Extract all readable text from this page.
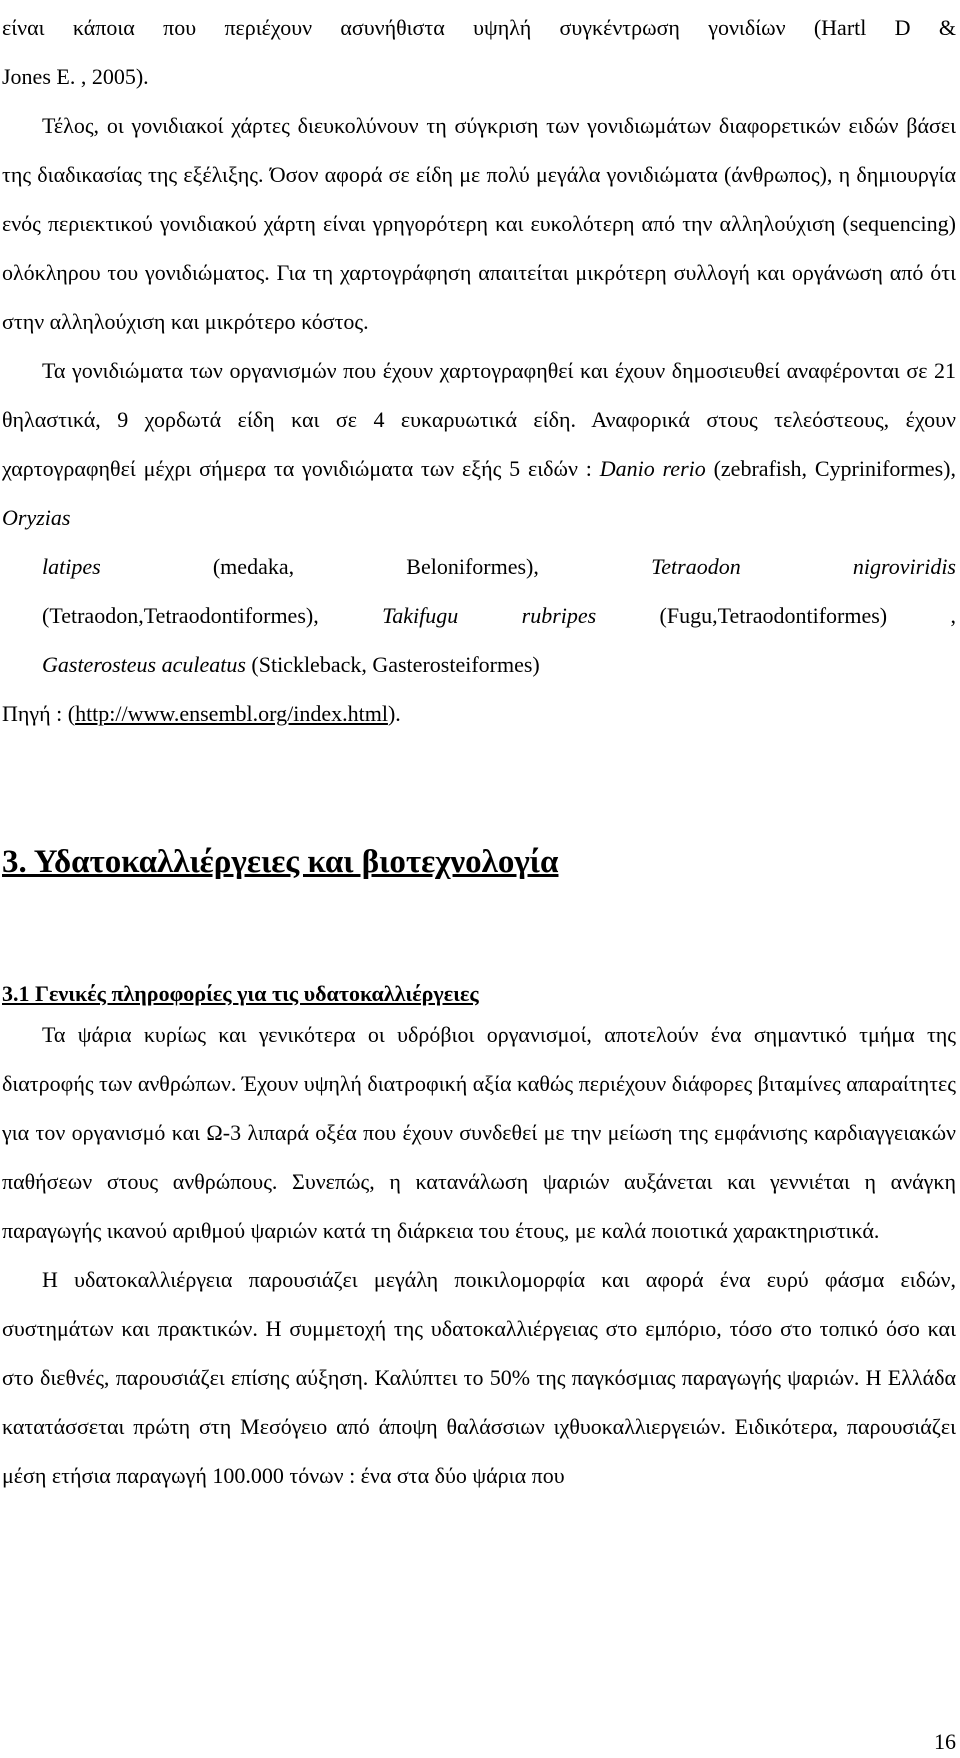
είναι κάποια που περιέχουν ασυνήθιστα υψηλή συγκέντρωση γονιδίων (Hartl D &
Jones E. , 2005).

Τέλος, οι γονιδιακοί χάρτες διευκολύνουν τη σύγκριση των γονιδιωμάτων διαφορετικών ειδών βάσει της διαδικασίας της εξέλιξης. Όσον αφορά σε είδη με πολύ μεγάλα γονιδιώματα (άνθρωπος), η δημιουργία ενός περιεκτικού γονιδιακού χάρτη είναι γρηγορότερη και ευκολότερη από την αλληλούχιση (sequencing) ολόκληρου του γονιδιώματος. Για τη χαρτογράφηση απαιτείται μικρότερη συλλογή και οργάνωση από ότι στην αλληλούχιση και μικρότερο κόστος.

Τα γονιδιώματα των οργανισμών που έχουν χαρτογραφηθεί και έχουν δημοσιευθεί αναφέρονται σε 21 θηλαστικά, 9 χορδωτά είδη και σε 4 ευκαρυωτικά είδη. Αναφορικά στους τελεόστεους, έχουν χαρτογραφηθεί μέχρι σήμερα τα γονιδιώματα των εξής 5 ειδών : Danio rerio (zebrafish, Cypriniformes), Oryzias
latipes	(medaka,	Beloniformes),	Tetraodon	nigroviridis
(Tetraodon,Tetraodontiformes), Takifugu rubripes (Fugu,Tetraodontiformes) ,
Gasterosteus aculeatus (Stickleback, Gasterosteiformes)

Πηγή : (http://www.ensembl.org/index.html).

3. Υδατοκαλλιέργειες και βιοτεχνολογία
3.1 Γενικές πληροφορίες για τις υδατοκαλλιέργειες

Τα ψάρια κυρίως και γενικότερα οι υδρόβιοι οργανισμοί, αποτελούν ένα σημαντικό τμήμα της διατροφής των ανθρώπων. Έχουν υψηλή διατροφική αξία καθώς περιέχουν διάφορες βιταμίνες απαραίτητες για τον οργανισμό και Ω-3 λιπαρά οξέα που έχουν συνδεθεί με την μείωση της εμφάνισης καρδιαγγειακών παθήσεων στους ανθρώπους. Συνεπώς, η κατανάλωση ψαριών αυξάνεται και γεννιέται η ανάγκη παραγωγής ικανού αριθμού ψαριών κατά τη διάρκεια του έτους, με καλά ποιοτικά χαρακτηριστικά.

Η υδατοκαλλιέργεια παρουσιάζει μεγάλη ποικιλομορφία και αφορά ένα ευρύ φάσμα ειδών, συστημάτων και πρακτικών. Η συμμετοχή της υδατοκαλλιέργειας στο εμπόριο, τόσο στο τοπικό όσο και στο διεθνές, παρουσιάζει επίσης αύξηση. Καλύπτει το 50% της παγκόσμιας παραγωγής ψαριών. Η Ελλάδα κατατάσσεται πρώτη στη Μεσόγειο από άποψη θαλάσσιων ιχθυοκαλλιεργειών. Ειδικότερα, παρουσιάζει μέση ετήσια παραγωγή 100.000 τόνων : ένα στα δύο ψάρια που

16
